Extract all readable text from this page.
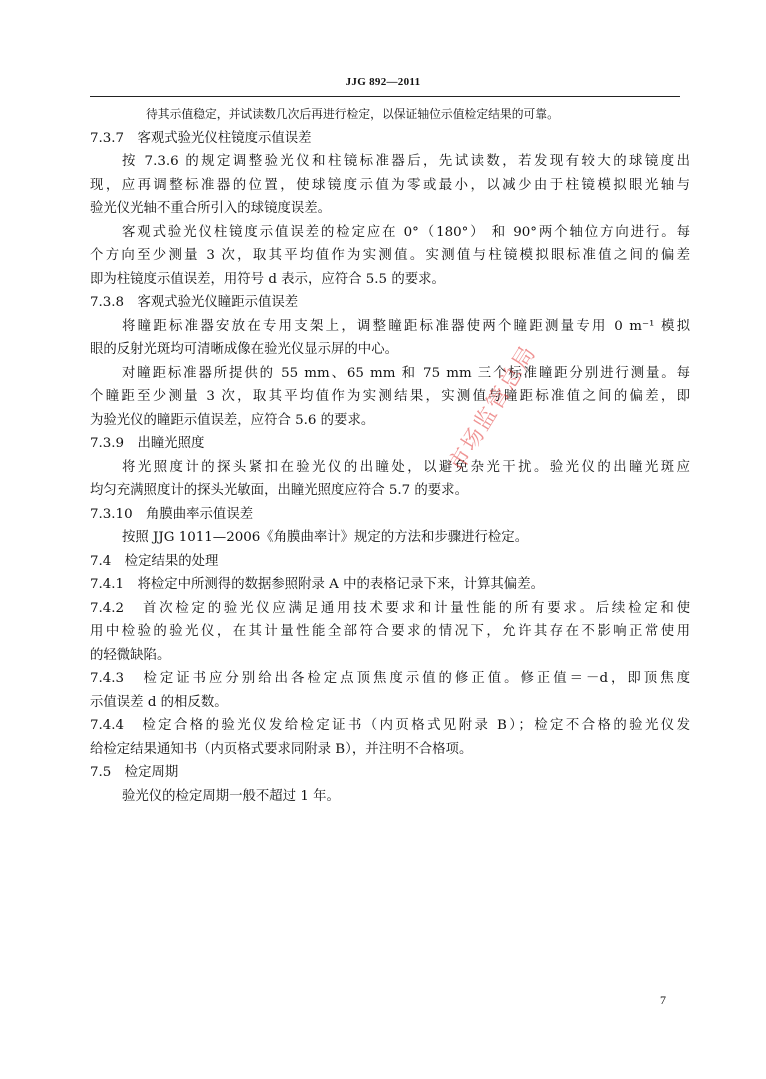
JJG 892—2011
待其示值稳定，并试读数几次后再进行检定，以保证轴位示值检定结果的可靠。
7.3.7　客观式验光仪柱镜度示值误差
按 7.3.6 的规定调整验光仪和柱镜标准器后，先试读数，若发现有较大的球镜度出
现，应再调整标准器的位置，使球镜度示值为零或最小，以减少由于柱镜模拟眼光轴与
验光仪光轴不重合所引入的球镜度误差。
客观式验光仪柱镜度示值误差的检定应在 0°（180°） 和 90°两个轴位方向进行。每
个方向至少测量 3 次，取其平均值作为实测值。实测值与柱镜模拟眼标准值之间的偏差
即为柱镜度示值误差，用符号 d 表示，应符合 5.5 的要求。
7.3.8　客观式验光仪瞳距示值误差
将瞳距标准器安放在专用支架上，调整瞳距标准器使两个瞳距测量专用 0 m⁻¹ 模拟
眼的反射光斑均可清晰成像在验光仪显示屏的中心。
对瞳距标准器所提供的 55 mm、65 mm 和 75 mm 三个标准瞳距分别进行测量。每
个瞳距至少测量 3 次，取其平均值作为实测结果，实测值与瞳距标准值之间的偏差，即
为验光仪的瞳距示值误差，应符合 5.6 的要求。
7.3.9　出瞳光照度
将光照度计的探头紧扣在验光仪的出瞳处，以避免杂光干扰。验光仪的出瞳光斑应
均匀充满照度计的探头光敏面，出瞳光照度应符合 5.7 的要求。
7.3.10　角膜曲率示值误差
按照 JJG 1011—2006《角膜曲率计》规定的方法和步骤进行检定。
7.4　检定结果的处理
7.4.1　将检定中所测得的数据参照附录 A 中的表格记录下来，计算其偏差。
7.4.2　首次检定的验光仪应满足通用技术要求和计量性能的所有要求。后续检定和使
用中检验的验光仪，在其计量性能全部符合要求的情况下，允许其存在不影响正常使用
的轻微缺陷。
7.4.3　检定证书应分别给出各检定点顶焦度示值的修正值。修正值＝－d，即顶焦度
示值误差 d 的相反数。
7.4.4　检定合格的验光仪发给检定证书（内页格式见附录 B）；检定不合格的验光仪发
给检定结果通知书（内页格式要求同附录 B），并注明不合格项。
7.5　检定周期
验光仪的检定周期一般不超过 1 年。
市场监管总局
7
